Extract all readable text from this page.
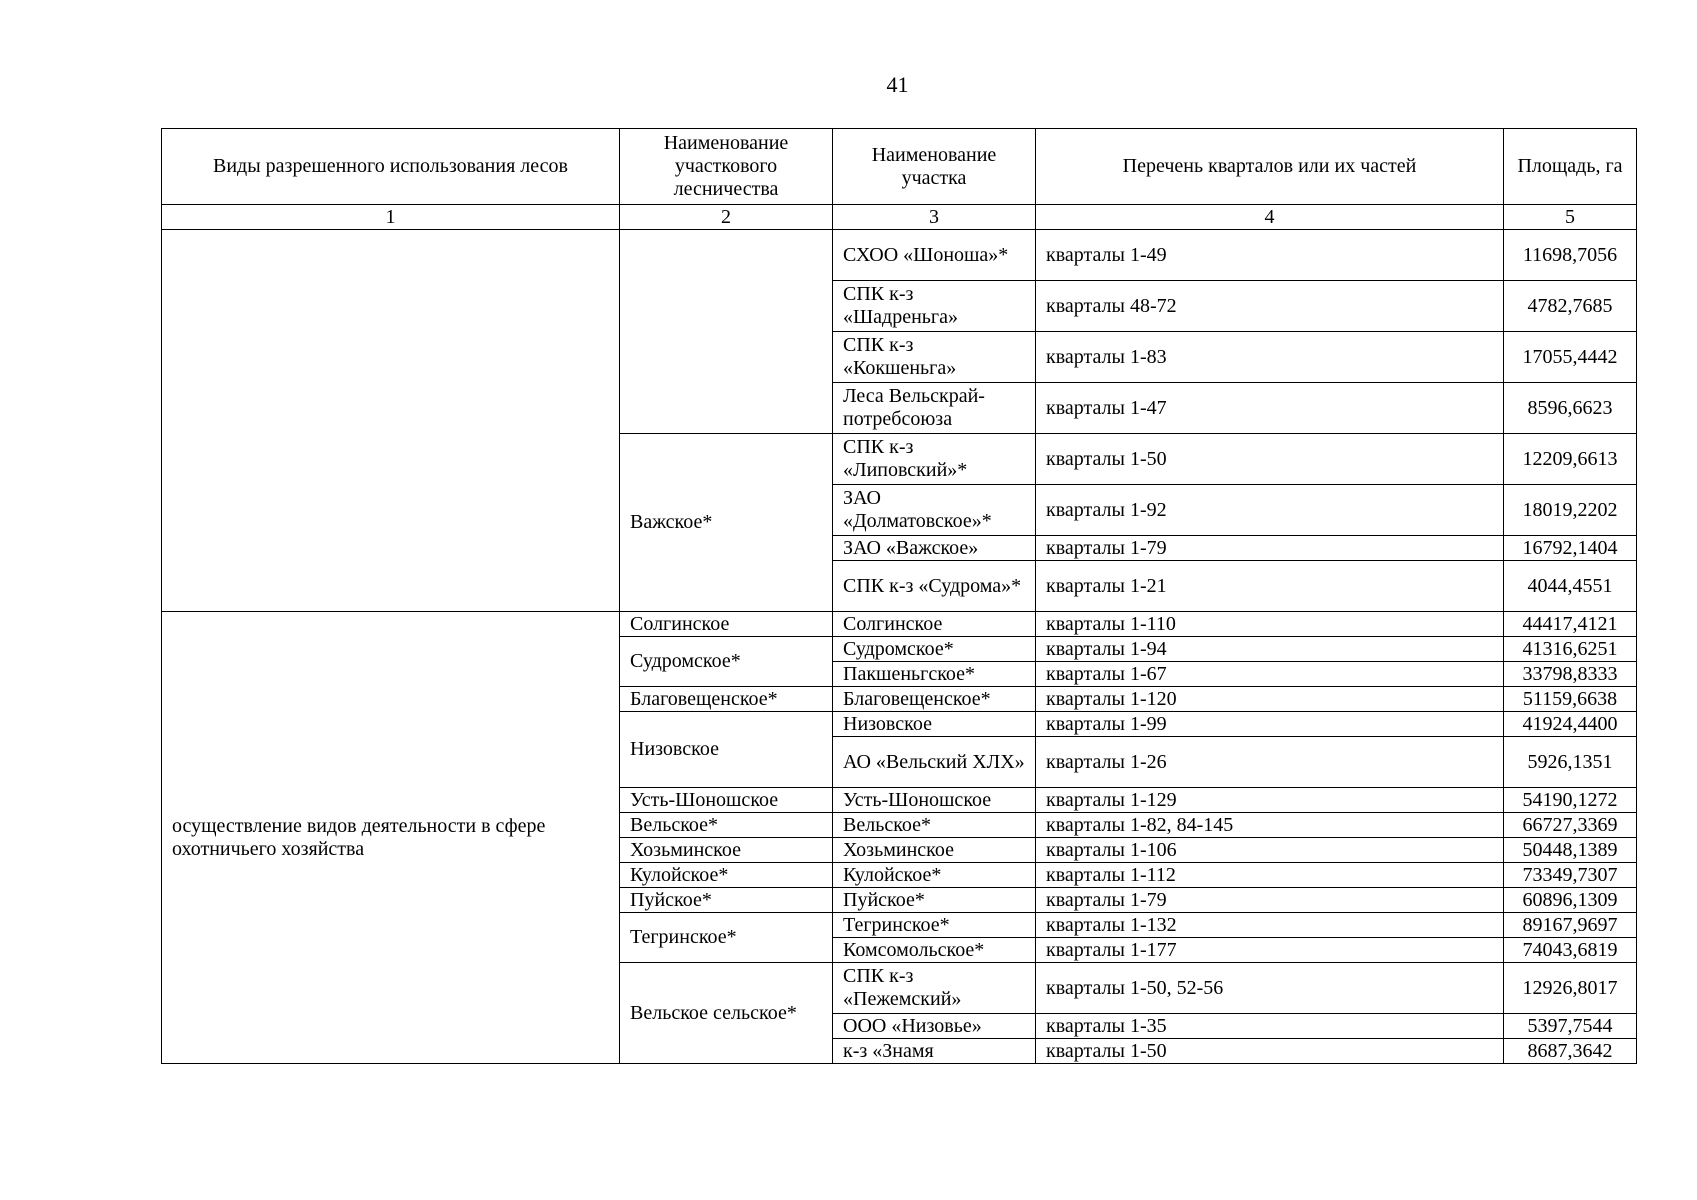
41
Виды разрешенного использования лесов	Наименование участкового лесничества	Наименование участка	Перечень кварталов или их частей	Площадь, га
1	2	3	4	5
		СХОО «Шоноша»*	кварталы 1-49	11698,7056
		СПК к-з «Шадреньга»	кварталы 48-72	4782,7685
		СПК к-з «Кокшеньга»	кварталы 1-83	17055,4442
		Леса Вельскрай-потребсоюза	кварталы 1-47	8596,6623
	Важское*	СПК к-з «Липовский»*	кварталы 1-50	12209,6613
		ЗАО «Долматовское»*	кварталы 1-92	18019,2202
		ЗАО «Важское»	кварталы 1-79	16792,1404
		СПК к-з «Судрома»*	кварталы 1-21	4044,4551
осуществление видов деятельности в сфере охотничьего хозяйства	Солгинское	Солгинское	кварталы 1-110	44417,4121
	Судромское*	Судромское*	кварталы 1-94	41316,6251
		Пакшеньгское*	кварталы 1-67	33798,8333
	Благовещенское*	Благовещенское*	кварталы 1-120	51159,6638
	Низовское	Низовское	кварталы 1-99	41924,4400
		АО «Вельский ХЛХ»	кварталы 1-26	5926,1351
	Усть-Шоношское	Усть-Шоношское	кварталы 1-129	54190,1272
	Вельское*	Вельское*	кварталы 1-82, 84-145	66727,3369
	Хозьминское	Хозьминское	кварталы 1-106	50448,1389
	Кулойское*	Кулойское*	кварталы 1-112	73349,7307
	Пуйское*	Пуйское*	кварталы 1-79	60896,1309
	Тегринское*	Тегринское*	кварталы 1-132	89167,9697
		Комсомольское*	кварталы 1-177	74043,6819
	Вельское сельское*	СПК к-з «Пежемский»	кварталы 1-50, 52-56	12926,8017
		ООО «Низовье»	кварталы 1-35	5397,7544
		к-з «Знамя	кварталы 1-50	8687,3642
